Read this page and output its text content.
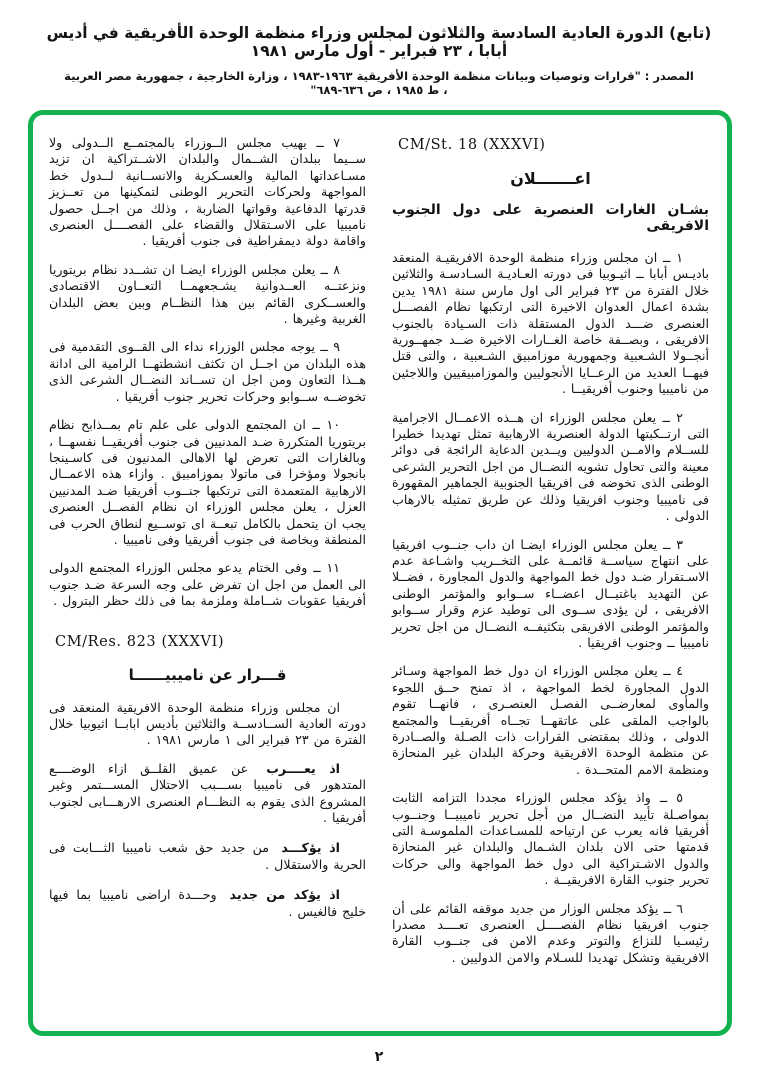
(تابع) الدورة العادية السادسة والثلاثون لمجلس وزراء منظمة الوحدة الأفريقية في أديس أبابا ، ٢٣ فبراير - أول مارس ١٩٨١
المصدر : "قرارات وتوصيات وبيانات منظمة الوحدة الأفريقية ١٩٦٣-١٩٨٣ ، وزارة الخارجية ، جمهورية مصر العربية ، ط ١٩٨٥ ، ص ٦٣٦-٦٨٩"
CM/St. 18 (XXXVI)
اعـــــــلان
بشـان الغارات العنصرية على دول الجنوب الافريقى

١ ــ ان مجلس وزراء منظمة الوحدة الافريقيـة المنعقد باديـس أبابا ــ اثيـوبيا فى دورته العـاديـة السـادسـة والثلاثين خلال الفترة من ٢٣ فبراير الى اول مارس سنة ١٩٨١ يدين بشدة اعمال العدوان الاخيرة التى ارتكبها نظام الفصـــل العنصرى ضـــد الدول المستقلة ذات السـيادة بالجنوب الافريقى ، وبصــفة خاصة الغــارات الاخيرة ضــد جمهــورية أنجــولا الشـعبية وجمهورية موزامبيق الشـعبية ، والتى قتل فيهــا العديد من الرعــايا الأنجوليين والموزامبيقيين واللاجئين من ناميبيا وجنوب أفريقيــا .

٢ ــ يعلن مجلس الوزراء ان هــذه الاعمــال الاجرامية التى ارتــكبتها الدولة العنصرية الارهابية تمثل تهديدا خطيرا للســلام والامــن الدوليين ويــدين الدعاية الرائجة فى دوائر معينة والتى تحاول تشويه النضــال من اجل التحرير الشرعى الوطنى الذى تخوضه فى افريقيا الجنوبية الجماهير المقهورة فى ناميبيا وجنوب افريقيا وذلك عن طريق تمثيله بالارهاب الدولى .

٣ ــ يعلن مجلس الوزراء ايضـا ان داب جنــوب افريقيا على انتهاج سياســة قائمــة على التخــريب واشـاعة عدم الاسـتقرار ضـد دول خط المواجهة والدول المجاورة ، فضــلا عن التهديد باغتيــال اعضــاء ســوابو والمؤتمر الوطنى الافريقى ، لن يؤدى ســوى الى توطيد عزم وقرار ســوابو والمؤتمر الوطنى الافريقى بتكثيفــه النضــال من اجل تحرير ناميبيا ــ وجنوب افريقيا .

٤ ــ يعلن مجلس الوزراء ان دول خط المواجهة وسـائر الدول المجاورة لخط المواجهة ، اذ تمنح حــق اللجوء والمأوى لمعارضــى الفصـل العنصـرى ، فانهــا تقوم بالواجب الملقى على عاتقهــا تجــاه أفريقيــا والمجتمع الدولى ، وذلك بمقتضى القرارات ذات الصـلة والصــادرة عن منظمة الوحدة الافريقية وحركة البلدان غير المنحازة ومنظمة الامم المتحــدة .

٥ ــ واذ يؤكد مجلس الوزراء مجددا التزامه الثابت بمواصـلة تأييد النضــال من أجل تحرير ناميبيــا وجنــوب أفريقيا فانه يعرب عن ارتياحه للمسـاعدات الملموسـة التى قدمتها حتى الان بلدان الشـمال والبلدان غير المنحازة والدول الاشـتراكية الى دول خط المواجهة والى حركات تحرير جنوب القارة الافريقيــة .

٦ ــ يؤكد مجلس الوزار من جديد موقفه القائم على أن جنوب افريقيا نظام الفصــــل العنصرى تعــــد مصدرا رئيسـيا للنزاع والتوتر وعدم الامن فى جنــوب القارة الافريقية وتشكل تهديدا للسـلام والامن الدوليين .

٧ ــ يهيب مجلس الــوزراء بالمجتمــع الــدولى ولا ســيما ببلدان الشــمال والبلدان الاشــتراكية ان تزيد مسـاعداتها المالية والعسـكرية والانســانية لــدول خط المواجهة ولحركات التحرير الوطنى لتمكينها من تعــزيز قدرتها الدفاعية وقواتها الضاربة ، وذلك من اجــل حصول ناميبيا على الاسـتقلال والقضاء على الفصــــل العنصرى واقامة دولة ديمقراطية فى جنوب أفريقيا .

٨ ــ يعلن مجلس الوزراء ايضـا ان تشــدد نظام بريتوريا ونزعتــه العــدوانية يشـجعهمــا التعــاون الاقتصادى والعســكرى القائم بين هذا النظــام وبين بعض البلدان الغربية وغيرها .

٩ ــ يوجه مجلس الوزراء نداء الى القــوى التقدمية فى هذه البلدان من اجــل ان تكثف انشطتهــا الرامية الى ادانة هــذا التعاون ومن اجل ان تســاند النضــال الشرعى الذى تخوضــه ســوابو وحركات تحرير جنوب أفريقيا .

١٠ ــ ان المجتمع الدولى على علم تام بمــذابح نظام بريتوريا المتكررة ضـد المدنيين فى جنوب أفريقيــا نفسهــا ، وبالغارات التى تعرض لها الاهالى المدنيون فى كاسـينجا بانجولا ومؤخرا فى ماتولا بموزامبيق . وازاء هذه الاعمــال الارهابية المتعمدة التى ترتكبها جنــوب أفريقيا ضـد المدنيين العزل ، يعلن مجلس الوزراء ان نظام الفصــل العنصرى يجب ان يتحمل بالكامل تبعــة اى توســيع لنطاق الحرب فى المنطقة وبخاصة فى جنوب أفريقيا وفى ناميبيا .

١١ ــ وفى الختام يدعو مجلس الوزراء المجتمع الدولى الى العمل من اجل ان تفرض على وجه السرعة ضـد جنوب أفريقيا عقوبات شــاملة وملزمة بما فى ذلك حظر البترول .

CM/Res. 823 (XXXVI)
قـــرار عن ناميبيــــــا

ان مجلس وزراء منظمة الوحدة الافريقية المنعقد فى دورته العادية الســادســة والثلاثين بأديس ابابــا اثيوبيا خلال الفترة من ٢٣ فبراير الى ١ مارس ١٩٨١ .

اذ يعــــرب عن عميق القلــق ازاء الوضــــع المتدهور فى ناميبيا بســـبب الاحتلال المســـتمر وغير المشروع الذى يقوم به النظـــام العنصرى الارهـــابى لجنوب أفريقيا .

اذ يؤكـــد من جديد حق شعب ناميبيا الثـــابت فى الحرية والاستقلال .

اذ يؤكد من جديد وحـــدة اراضى ناميبيا بما فيها خليج فالغيس .

٢
